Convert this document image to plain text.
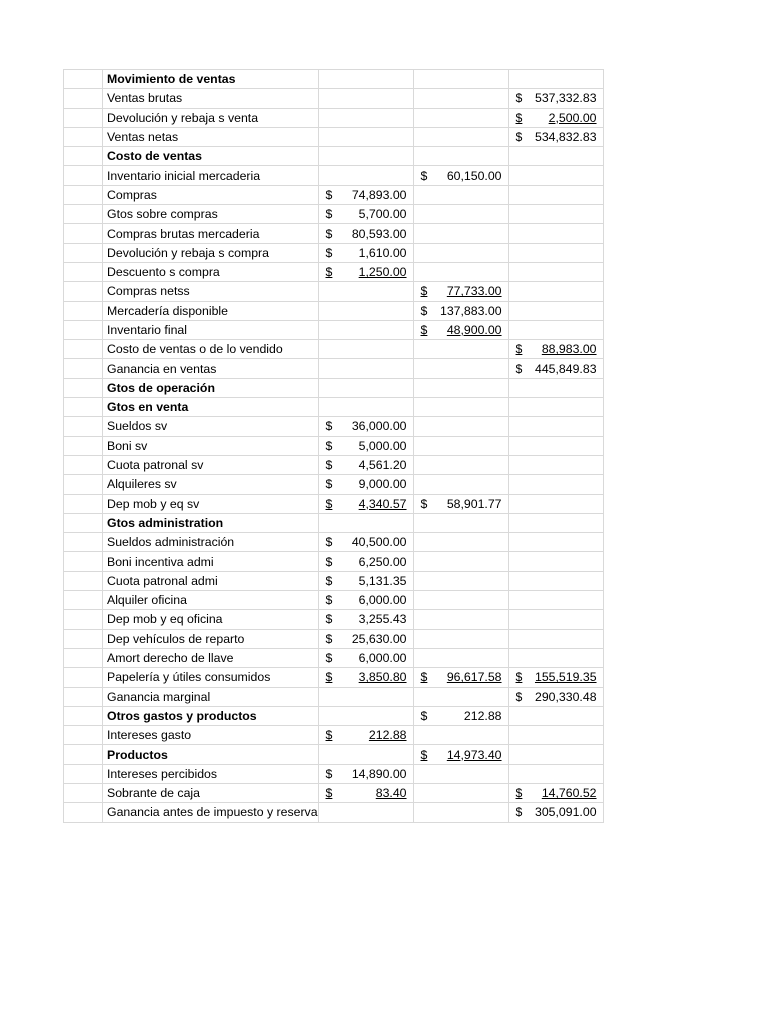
	Movimiento de ventas			
	Ventas brutas			$ 537,332.83

	Devolución y rebaja s venta			$ 2,500.00

	Ventas netas			$ 534,832.83

	Costo de ventas			
	Inventario inicial mercaderia		$ 60,150.00	

	Compras	$ 74,893.00		

	Gtos sobre compras	$ 5,700.00		

	Compras brutas mercaderia	$ 80,593.00		

	Devolución y rebaja s compra	$ 1,610.00		

	Descuento s compra	$ 1,250.00		

	Compras netss		$ 77,733.00	

	Mercadería disponible		$ 137,883.00	

	Inventario final		$ 48,900.00	

	Costo de ventas o de lo vendido			$ 88,983.00

	Ganancia en ventas			$ 445,849.83

	Gtos de operación			
	Gtos en venta			
	Sueldos sv	$ 36,000.00		

	Boni sv	$ 5,000.00		

	Cuota patronal sv	$ 4,561.20		

	Alquileres sv	$ 9,000.00		

	Dep mob y eq sv	$ 4,340.57	$ 58,901.77	

	Gtos administration			
	Sueldos administración	$ 40,500.00		

	Boni incentiva admi	$ 6,250.00		

	Cuota patronal admi	$ 5,131.35		

	Alquiler oficina	$ 6,000.00		

	Dep mob y eq oficina	$ 3,255.43		

	Dep vehículos de reparto	$ 25,630.00		

	Amort derecho de llave	$ 6,000.00		

	Papelería y útiles consumidos	$ 3,850.80	$ 96,617.58	$ 155,519.35

	Ganancia marginal			$ 290,330.48

	Otros gastos y productos		$ 212.88	

	Intereses gasto	$ 212.88		

	Productos		$ 14,973.40	

	Intereses percibidos	$ 14,890.00		

	Sobrante de caja	$ 83.40		$ 14,760.52

	Ganancia antes de impuesto y reserva			$ 305,091.00
